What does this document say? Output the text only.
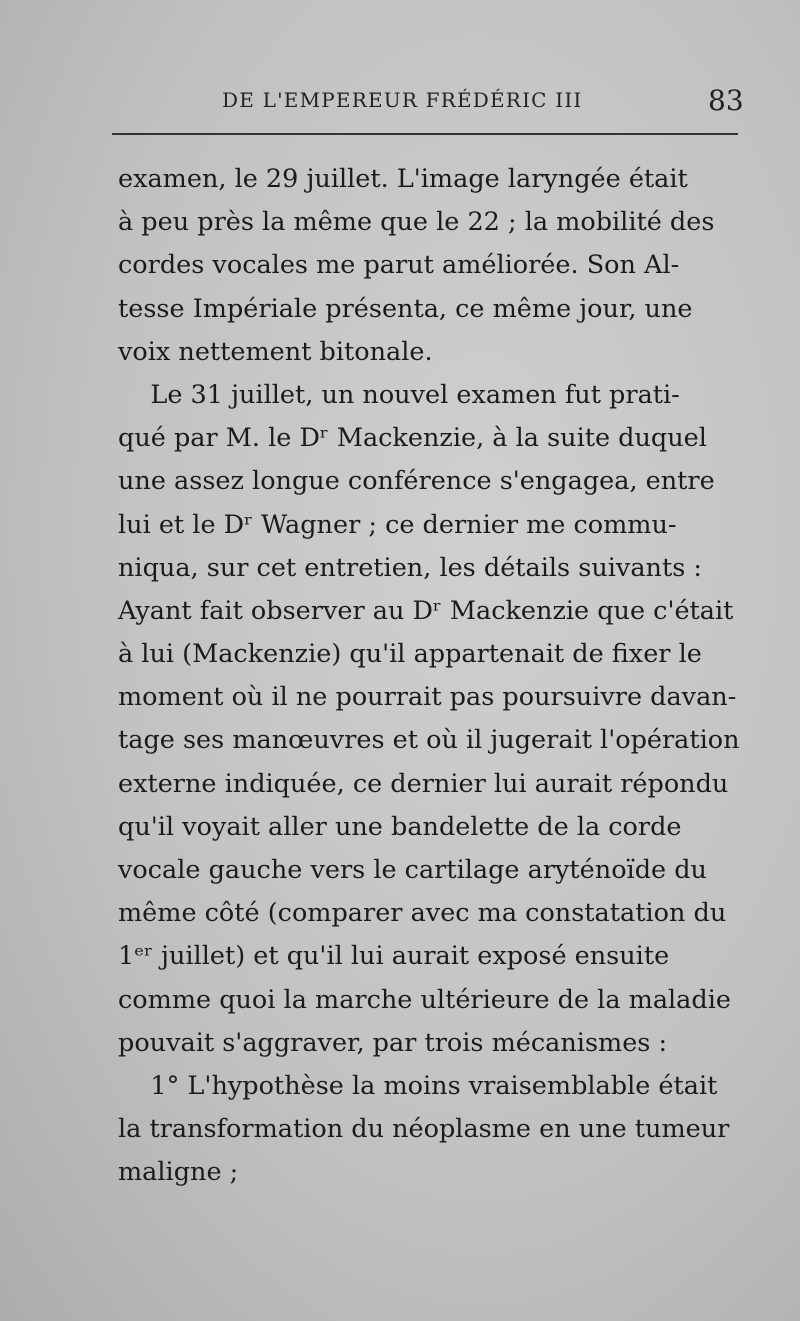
DE L'EMPEREUR FRÉDÉRIC III	83
examen, le 29 juillet. L'image laryngée était
à peu près la même que le 22 ; la mobilité des
cordes vocales me parut améliorée. Son Al-
tesse Impériale présenta, ce même jour, une
voix nettement bitonale.
Le 31 juillet, un nouvel examen fut prati-
qué par M. le Dʳ Mackenzie, à la suite duquel
une assez longue conférence s'engagea, entre
lui et le Dʳ Wagner ; ce dernier me commu-
niqua, sur cet entretien, les détails suivants :
Ayant fait observer au Dʳ Mackenzie que c'était
à lui (Mackenzie) qu'il appartenait de fixer le
moment où il ne pourrait pas poursuivre davan-
tage ses manœuvres et où il jugerait l'opération
externe indiquée, ce dernier lui aurait répondu
qu'il voyait aller une bandelette de la corde
vocale gauche vers le cartilage aryténoïde du
même côté (comparer avec ma constatation du
1ᵉʳ juillet) et qu'il lui aurait exposé ensuite
comme quoi la marche ultérieure de la maladie
pouvait s'aggraver, par trois mécanismes :
1° L'hypothèse la moins vraisemblable était
la transformation du néoplasme en une tumeur
maligne ;
